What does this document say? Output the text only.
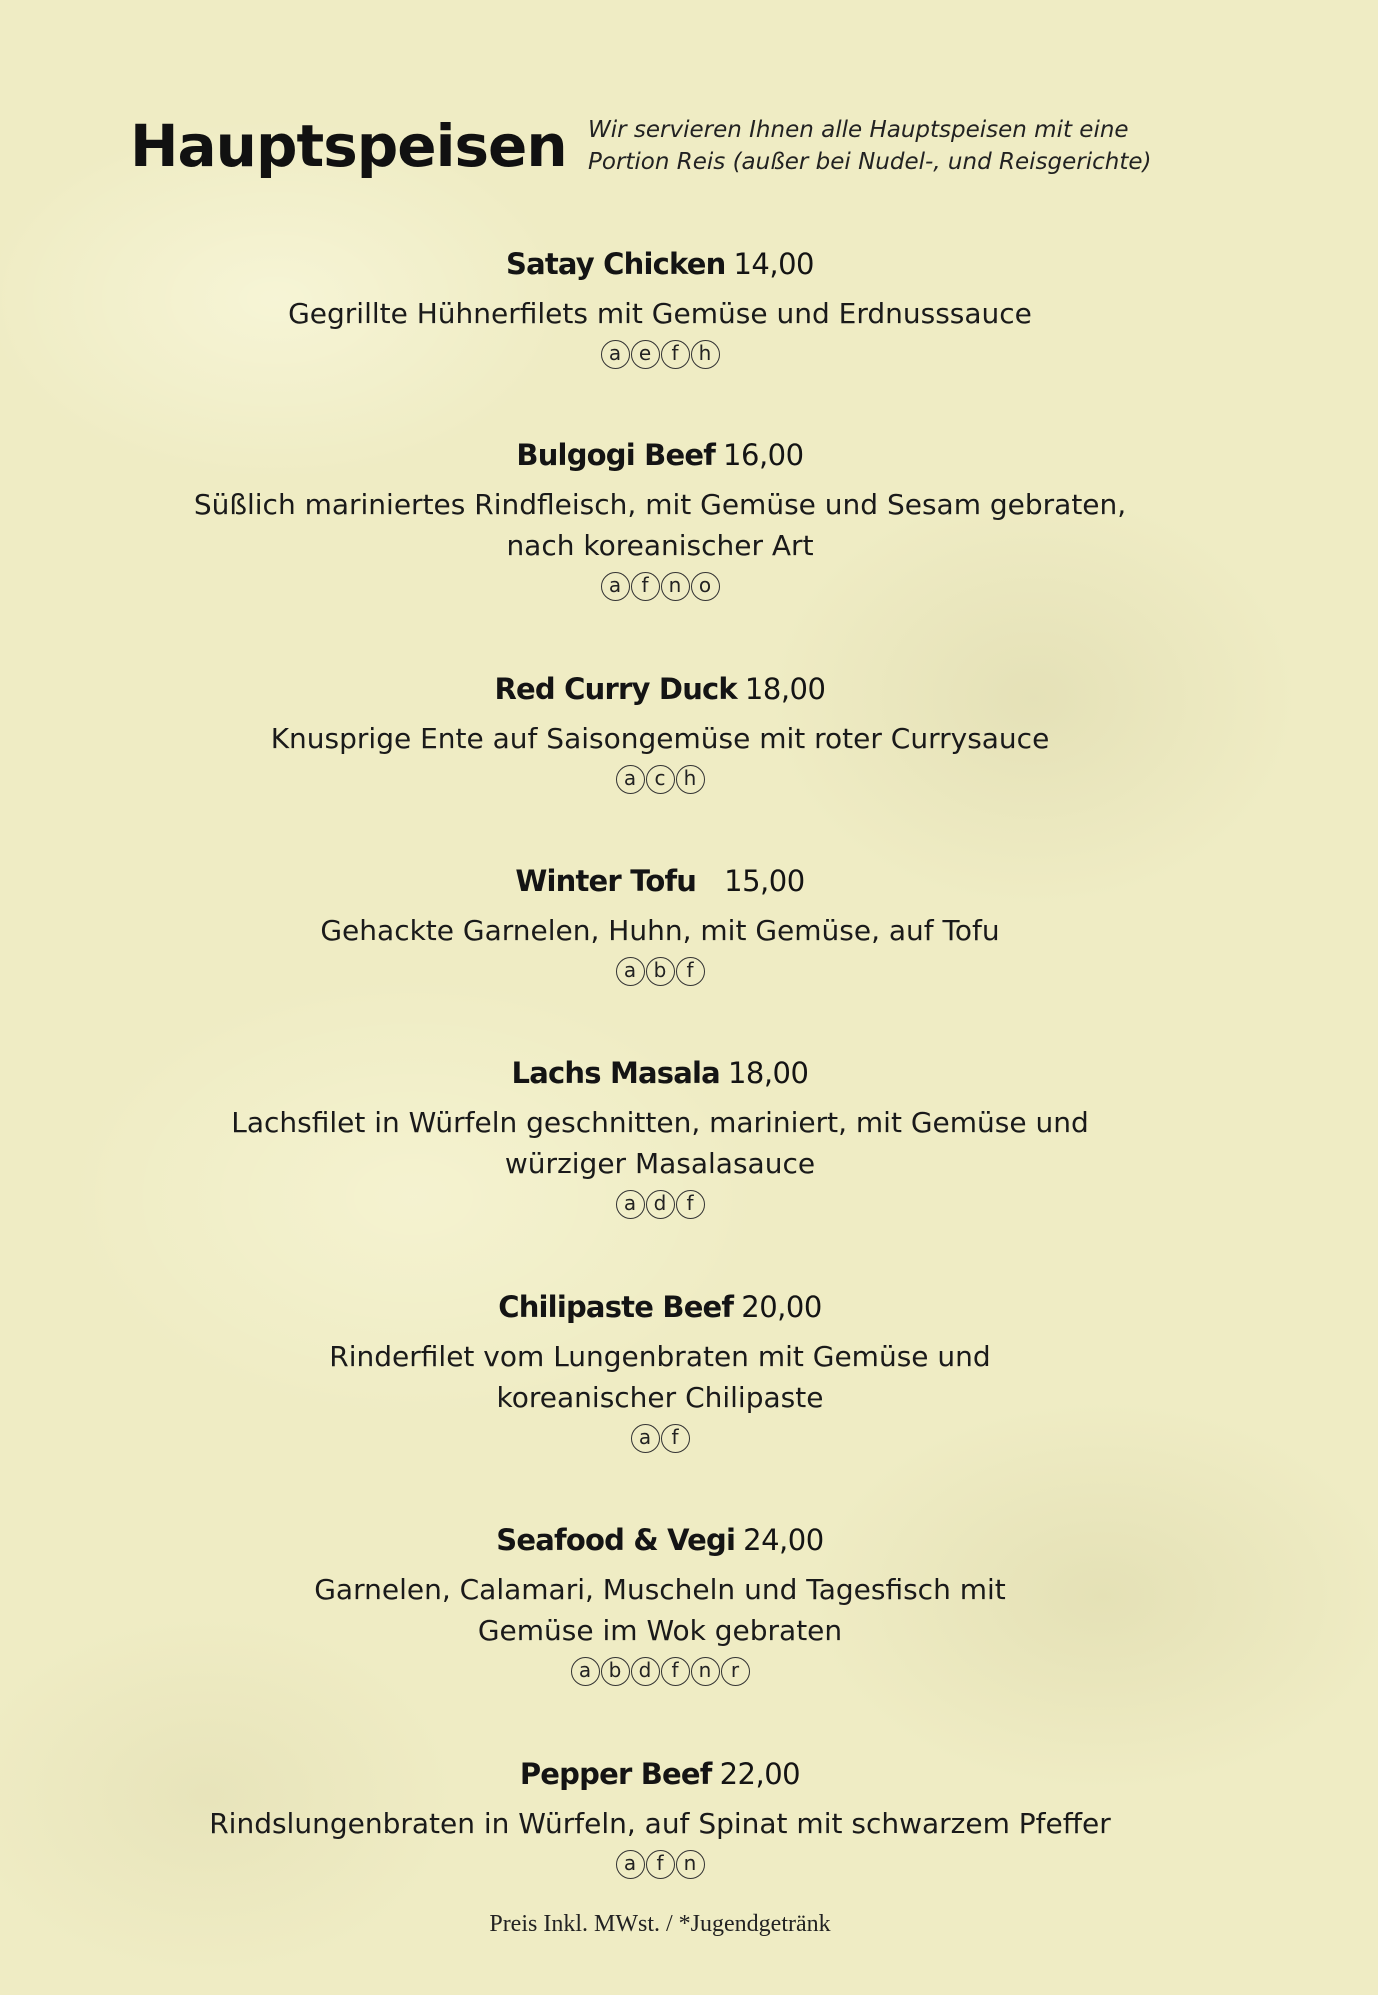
Hauptspeisen Wir servieren Ihnen alle Hauptspeisen mit eine
Portion Reis (außer bei Nudel-, und Reisgerichte)
Satay Chicken 14,00
Gegrillte Hühnerfilets mit Gemüse und Erdnusssauce
a e	f	h
Bulgogi Beef 16,00
Süßlich mariniertes Rindfleisch, mit Gemüse und Sesam gebraten,
nach koreanischer Art
a	f	n o
Red Curry Duck 18,00
Knusprige Ente auf Saisongemüse mit roter Currysauce
a c h
Winter Tofu 15,00
Gehackte Garnelen, Huhn, mit Gemüse, auf Tofu
a b	f
Lachs Masala 18,00
Lachsfilet in Würfeln geschnitten, mariniert, mit Gemüse und
würziger Masalasauce
a d	f
Chilipaste Beef 20,00
Rinderfilet vom Lungenbraten mit Gemüse und
koreanischer Chilipaste
a	f
Seafood & Vegi 24,00
Garnelen, Calamari, Muscheln und Tagesfisch mit
Gemüse im Wok gebraten
a b d	f	n r
Pepper Beef 22,00
Rindslungenbraten in Würfeln, auf Spinat mit schwarzem Pfeffer
a	f	n
Preis Inkl. MWst. / *Jugendgetränk
